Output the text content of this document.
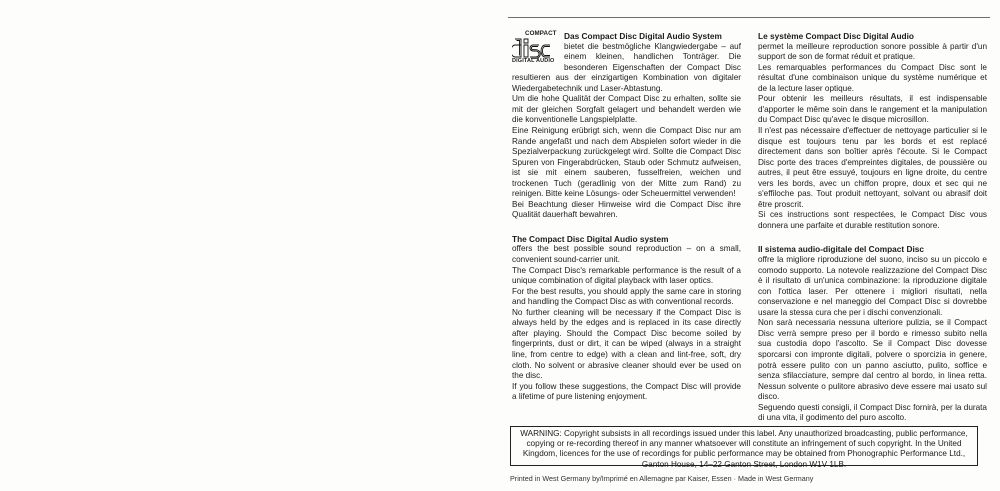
COMPACT
DIGITAL AUDIO
Das Compact Disc Digital Audio System

bietet die bestmögliche Klangwiedergabe – auf einem kleinen, handlichen Tonträger. Die besonderen Eigenschaften der Compact Disc resultieren aus der einzigartigen Kombination von digitaler Wiedergabetechnik und Laser-Abtastung.

Um die hohe Qualität der Compact Disc zu erhalten, sollte sie mit der gleichen Sorgfalt gelagert und behandelt werden wie die konventionelle Langspielplatte.

Eine Reinigung erübrigt sich, wenn die Compact Disc nur am Rande angefaßt und nach dem Abspielen sofort wieder in die Spezialverpackung zurückgelegt wird. Sollte die Compact Disc Spuren von Fingerabdrücken, Staub oder Schmutz aufweisen, ist sie mit einem sauberen, fusselfreien, weichen und trockenen Tuch (geradlinig von der Mitte zum Rand) zu reinigen. Bitte keine Lösungs- oder Scheuermittel verwenden!

Bei Beachtung dieser Hinweise wird die Compact Disc ihre Qualität dauerhaft bewahren.

The Compact Disc Digital Audio system

offers the best possible sound reproduction – on a small, convenient sound-carrier unit.

The Compact Disc's remarkable performance is the result of a unique combination of digital playback with laser optics.

For the best results, you should apply the same care in storing and handling the Compact Disc as with conventional records.

No further cleaning will be necessary if the Compact Disc is always held by the edges and is replaced in its case directly after playing. Should the Compact Disc become soiled by fingerprints, dust or dirt, it can be wiped (always in a straight line, from centre to edge) with a clean and lint-free, soft, dry cloth. No solvent or abrasive cleaner should ever be used on the disc.

If you follow these suggestions, the Compact Disc will provide a lifetime of pure listening enjoyment.

Le système Compact Disc Digital Audio

permet la meilleure reproduction sonore possible à partir d'un support de son de format réduit et pratique.

Les remarquables performances du Compact Disc sont le résultat d'une combinaison unique du système numérique et de la lecture laser optique.

Pour obtenir les meilleurs résultats, il est indispensable d'apporter le même soin dans le rangement et la manipulation du Compact Disc qu'avec le disque microsillon.

Il n'est pas nécessaire d'effectuer de nettoyage particulier si le disque est toujours tenu par les bords et est replacé directement dans son boîtier après l'écoute. Si le Compact Disc porte des traces d'empreintes digitales, de poussière ou autres, il peut être essuyé, toujours en ligne droite, du centre vers les bords, avec un chiffon propre, doux et sec qui ne s'effiloche pas. Tout produit nettoyant, solvant ou abrasif doit être proscrit.

Si ces instructions sont respectées, le Compact Disc vous donnera une parfaite et durable restitution sonore.

Il sistema audio-digitale del Compact Disc

offre la migliore riproduzione del suono, inciso su un piccolo e comodo supporto. La notevole realizzazione del Compact Disc è il risultato di un'unica combinazione: la riproduzione digitale con l'ottica laser. Per ottenere i migliori risultati, nella conservazione e nel maneggio del Compact Disc si dovrebbe usare la stessa cura che per i dischi convenzionali.

Non sarà necessaria nessuna ulteriore pulizia, se il Compact Disc verrà sempre preso per il bordo e rimesso subito nella sua custodia dopo l'ascolto. Se il Compact Disc dovesse sporcarsi con impronte digitali, polvere o sporcizia in genere, potrà essere pulito con un panno asciutto, pulito, soffice e senza sfilacciature, sempre dal centro al bordo, in linea retta. Nessun solvente o pulitore abrasivo deve essere mai usato sul disco.

Seguendo questi consigli, il Compact Disc fornirà, per la durata di una vita, il godimento del puro ascolto.

WARNING: Copyright subsists in all recordings issued under this label. Any unauthorized broadcasting, public performance, copying or re-recording thereof in any manner whatsoever will constitute an infringement of such copyright. In the United Kingdom, licences for the use of recordings for public performance may be obtained from Phonographic Performance Ltd., Ganton House, 14–22 Ganton Street, London W1V 1LB.
Printed in West Germany by/Imprimé en Allemagne par Kaiser, Essen · Made in West Germany
